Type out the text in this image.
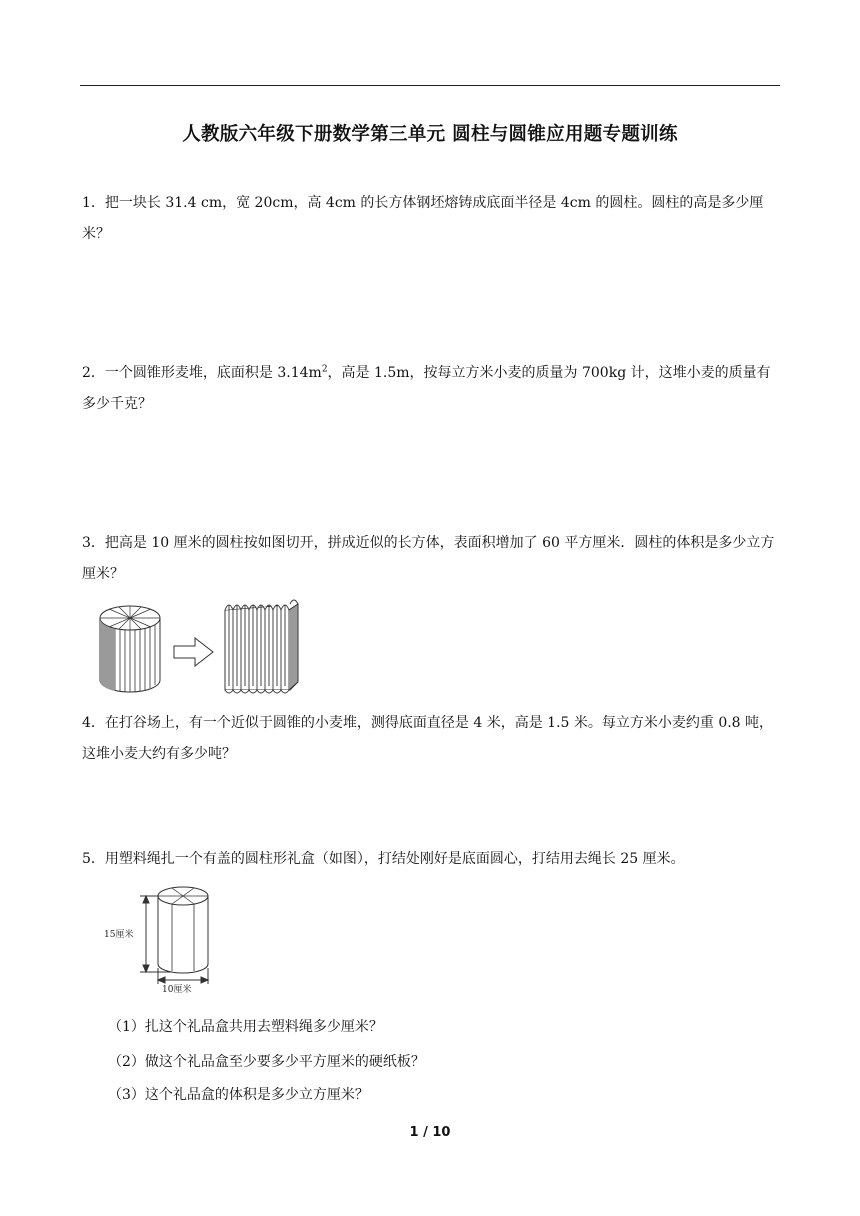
人教版六年级下册数学第三单元 圆柱与圆锥应用题专题训练
1．把一块长 31.4 cm，宽 20cm，高 4cm 的长方体钢坯熔铸成底面半径是 4cm 的圆柱。圆柱的高是多少厘米？
2．一个圆锥形麦堆，底面积是 $3.14m^2$，高是 1.5m，按每立方米小麦的质量为 700kg 计，这堆小麦的质量有多少千克？
3．把高是 10 厘米的圆柱按如图切开，拼成近似的长方体，表面积增加了 60 平方厘米．圆柱的体积是多少立方厘米？
4．在打谷场上，有一个近似于圆锥的小麦堆，测得底面直径是 4 米，高是 1.5 米。每立方米小麦约重 0.8 吨，这堆小麦大约有多少吨？
5．用塑料绳扎一个有盖的圆柱形礼盒（如图），打结处刚好是底面圆心，打结用去绳长 25 厘米。
15厘米
10厘米
（1）扎这个礼品盒共用去塑料绳多少厘米？
（2）做这个礼品盒至少要多少平方厘米的硬纸板？
（3）这个礼品盒的体积是多少立方厘米？
1 / 10
